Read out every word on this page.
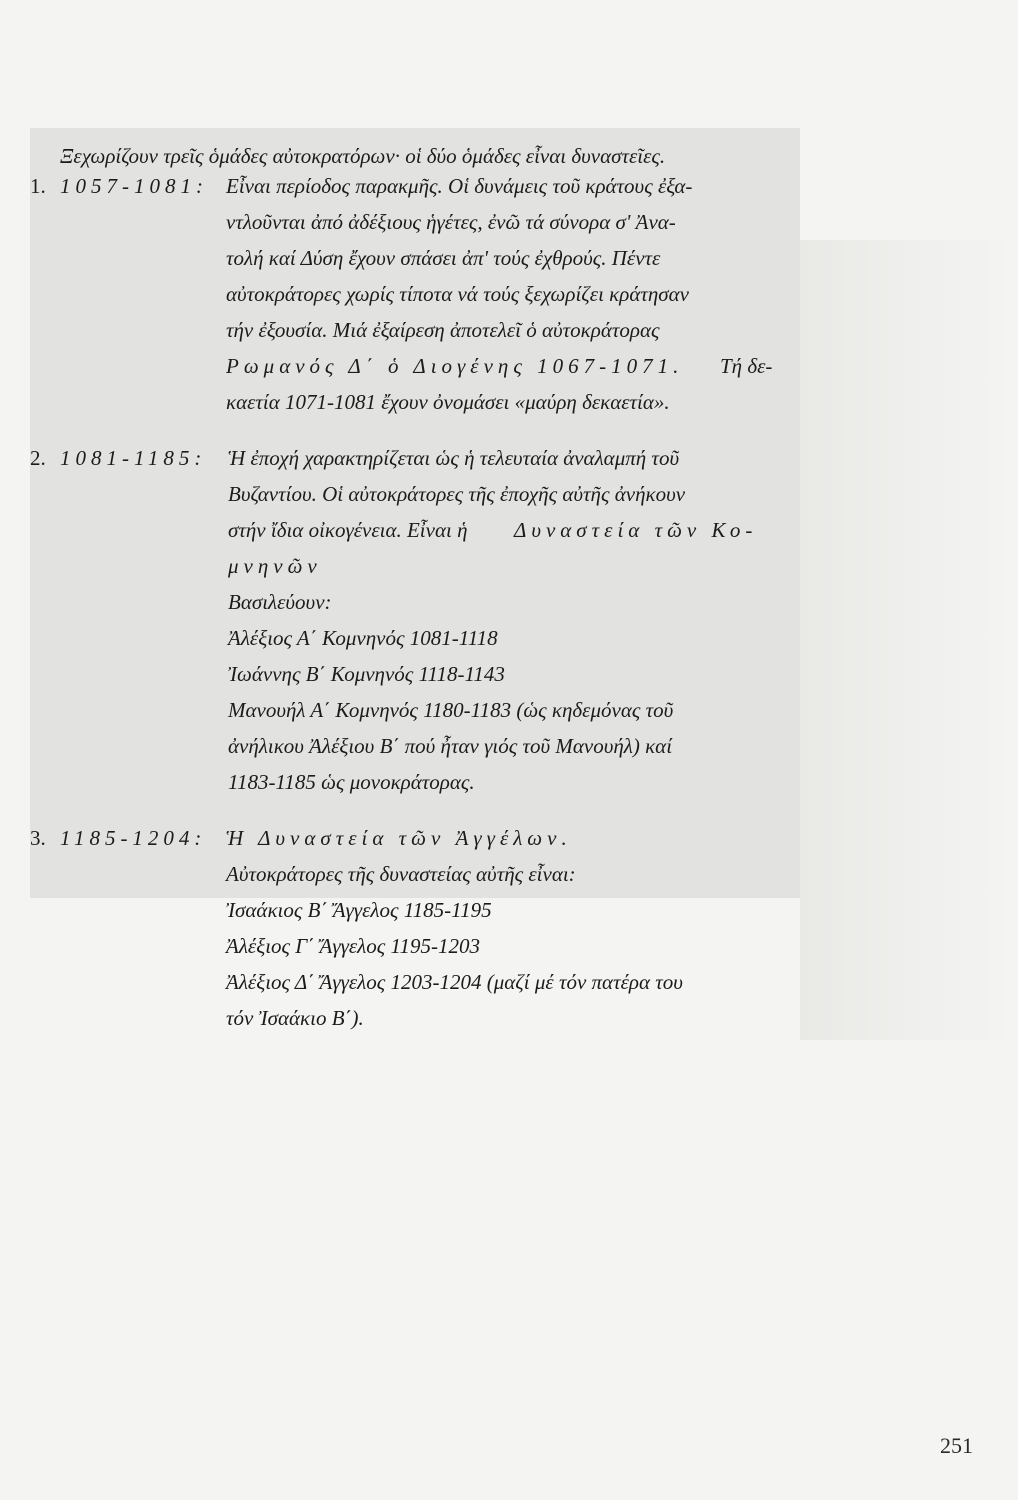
Ξεχωρίζουν τρεῖς ὁμάδες αὐτοκρατόρων· οἱ δύο ὁμάδες εἶναι δυναστεῖες.
1. 1057-1081: Εἶναι περίοδος παρακμῆς. Οἱ δυνάμεις τοῦ κράτους ἐξα-
ντλοῦνται ἀπό ἀδέξιους ἡγέτες, ἐνῶ τά σύνορα σ' Ἀνα-
τολή καί Δύση ἔχουν σπάσει ἀπ' τούς ἐχθρούς. Πέντε
αὐτοκράτορες χωρίς τίποτα νά τούς ξεχωρίζει κράτησαν
τήν ἐξουσία. Μιά ἐξαίρεση ἀποτελεῖ ὁ αὐτοκράτορας
Ρωμανός Δ΄ ὁ Διογένης 1067-1071. Τή δε-
καετία 1071-1081 ἔχουν ὀνομάσει «μαύρη δεκαετία».
2. 1081-1185: Ἡ ἐποχή χαρακτηρίζεται ὡς ἡ τελευταία ἀναλαμπή τοῦ
Βυζαντίου. Οἱ αὐτοκράτορες τῆς ἐποχῆς αὐτῆς ἀνήκουν
στήν ἴδια οἰκογένεια. Εἶναι ἡ Δυναστεία τῶν Κο-
μνηνῶν
Βασιλεύουν:
Ἀλέξιος Α΄ Κομνηνός 1081-1118
Ἰωάννης Β΄ Κομνηνός 1118-1143
Μανουήλ Α΄ Κομνηνός 1180-1183 (ὡς κηδεμόνας τοῦ
ἀνήλικου Ἀλέξιου Β΄ πού ἦταν γιός τοῦ Μανουήλ) καί
1183-1185 ὡς μονοκράτορας.
3. 1185-1204: Ἡ Δυναστεία τῶν Ἀγγέλων.
Αὐτοκράτορες τῆς δυναστείας αὐτῆς εἶναι:
Ἰσαάκιος Β΄ Ἄγγελος 1185-1195
Ἀλέξιος Γ΄ Ἄγγελος 1195-1203
Ἀλέξιος Δ΄ Ἄγγελος 1203-1204 (μαζί μέ τόν πατέρα του
τόν Ἰσαάκιο Β΄).
251
